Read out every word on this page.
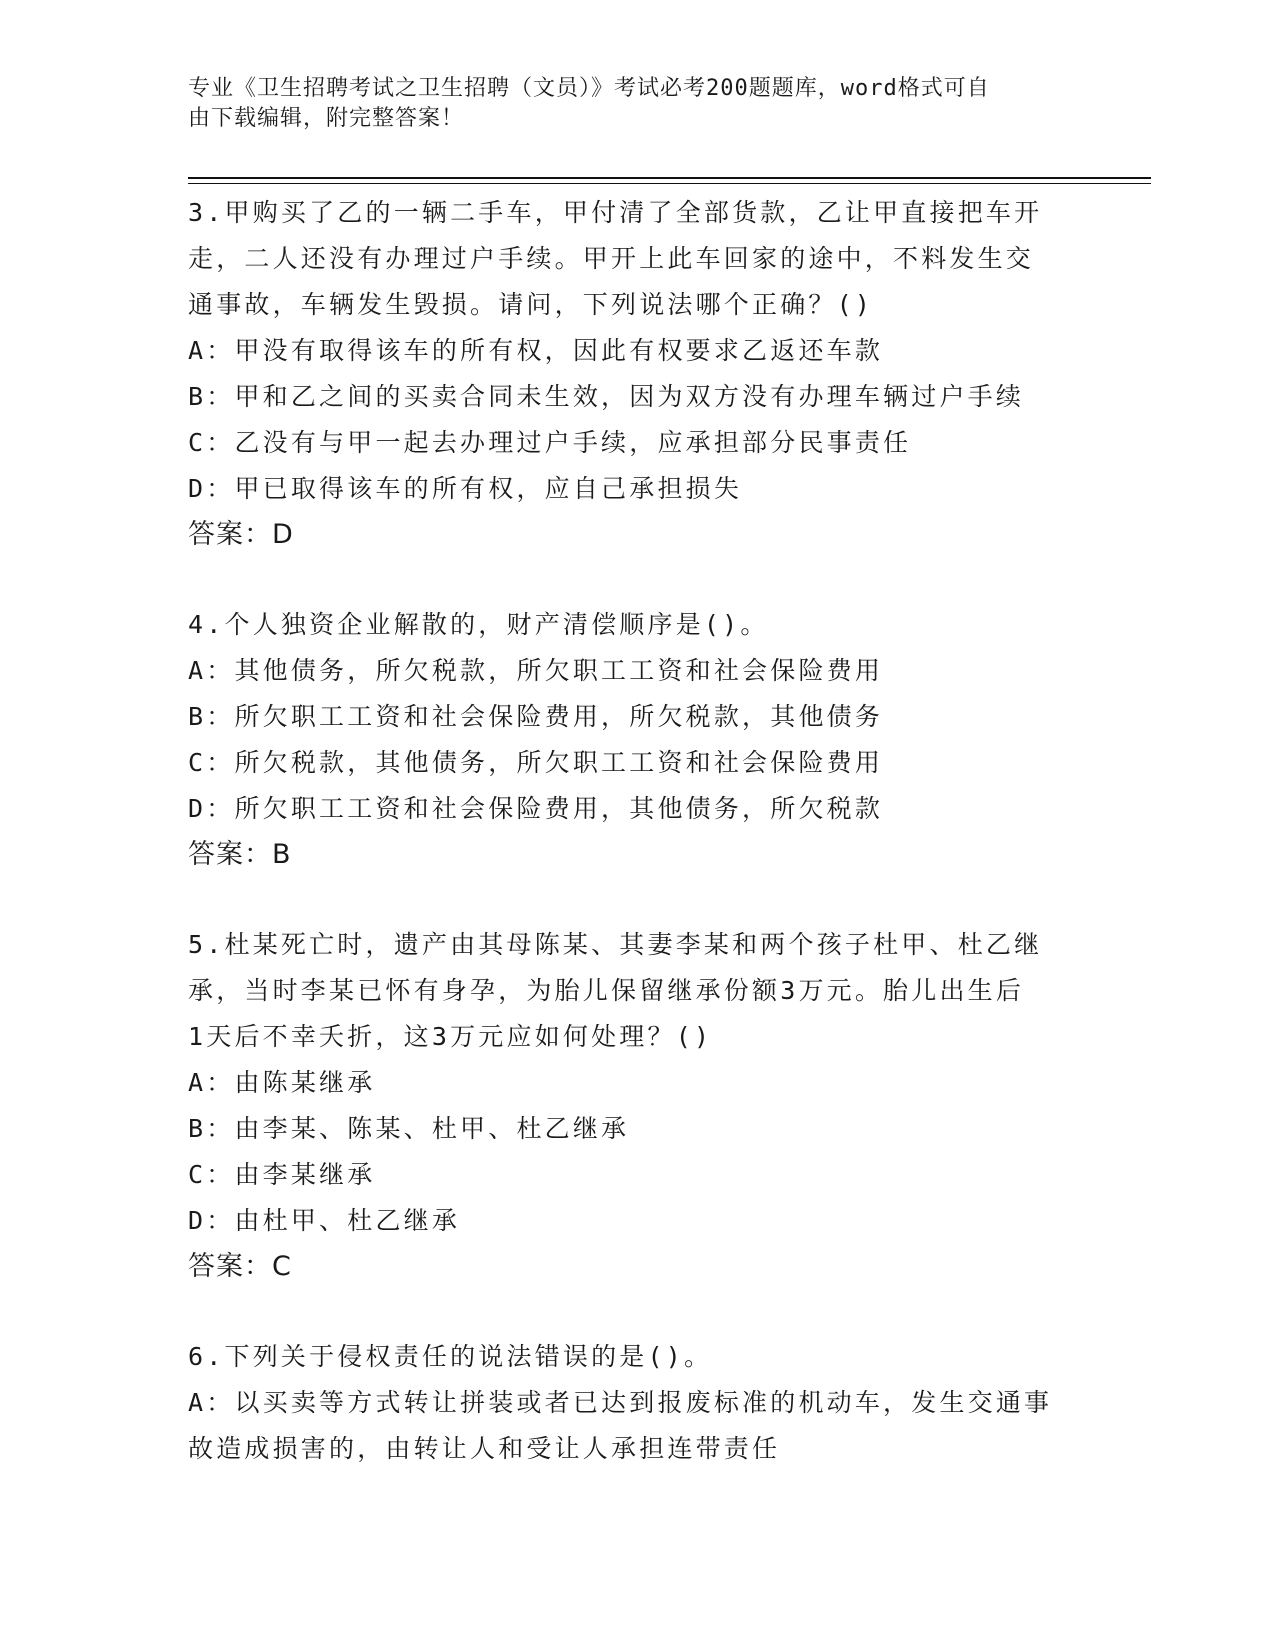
专业《卫生招聘考试之卫生招聘（文员）》考试必考200题题库，word格式可自
由下载编辑，附完整答案！

3.甲购买了乙的一辆二手车，甲付清了全部货款，乙让甲直接把车开

走，二人还没有办理过户手续。甲开上此车回家的途中，不料发生交

通事故，车辆发生毁损。请问，下列说法哪个正确？()

A：甲没有取得该车的所有权，因此有权要求乙返还车款

B：甲和乙之间的买卖合同未生效，因为双方没有办理车辆过户手续

C：乙没有与甲一起去办理过户手续，应承担部分民事责任

D：甲已取得该车的所有权，应自己承担损失

答案：D

4.个人独资企业解散的，财产清偿顺序是()。

A：其他债务，所欠税款，所欠职工工资和社会保险费用

B：所欠职工工资和社会保险费用，所欠税款，其他债务

C：所欠税款，其他债务，所欠职工工资和社会保险费用

D：所欠职工工资和社会保险费用，其他债务，所欠税款

答案：B

5.杜某死亡时，遗产由其母陈某、其妻李某和两个孩子杜甲、杜乙继

承，当时李某已怀有身孕，为胎儿保留继承份额3万元。胎儿出生后

1天后不幸夭折，这3万元应如何处理？()

A：由陈某继承

B：由李某、陈某、杜甲、杜乙继承

C：由李某继承

D：由杜甲、杜乙继承

答案：C

6.下列关于侵权责任的说法错误的是()。

A：以买卖等方式转让拼装或者已达到报废标准的机动车，发生交通事

故造成损害的，由转让人和受让人承担连带责任
